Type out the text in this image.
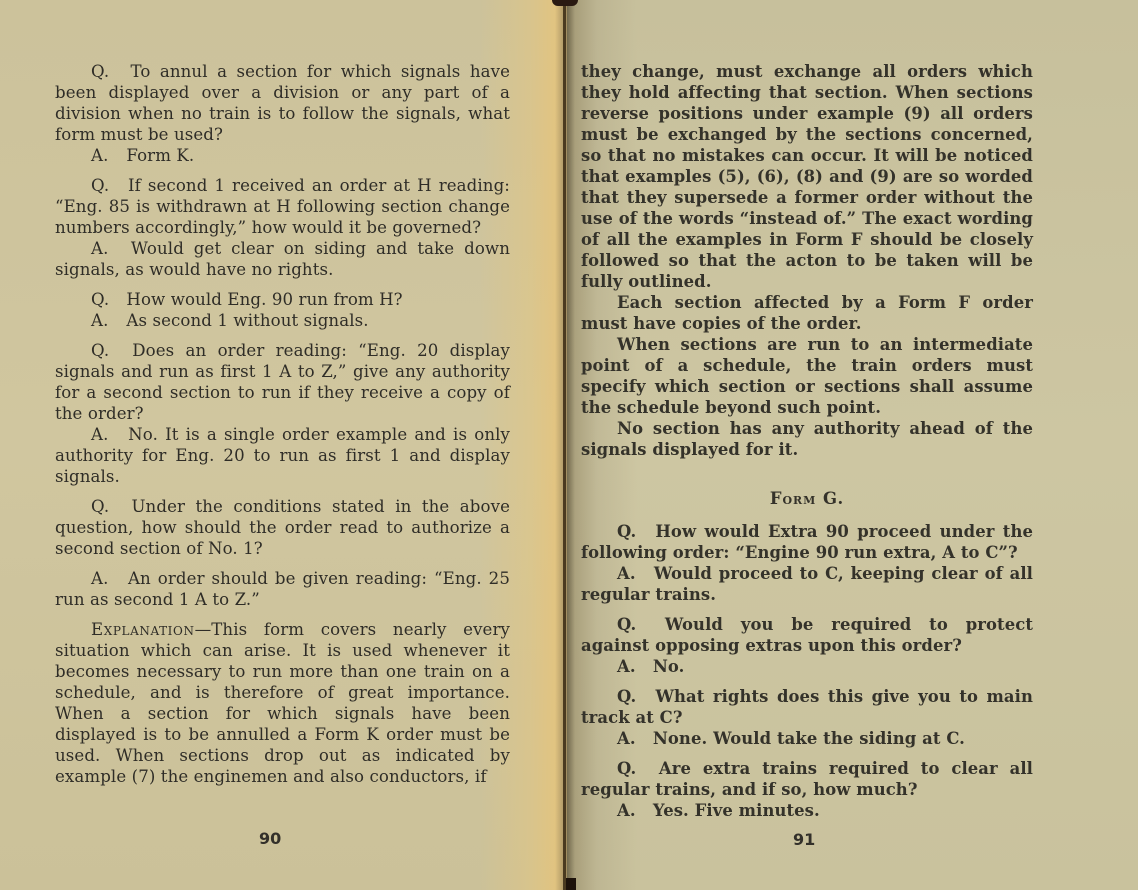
Q. To annul a section for which signals have been displayed over a division or any part of a division when no train is to follow the signals, what form must be used?

A. Form K.

Q. If second 1 received an order at H reading: “Eng. 85 is withdrawn at H following section change numbers accordingly,” how would it be governed?

A. Would get clear on siding and take down signals, as would have no rights.

Q. How would Eng. 90 run from H?

A. As second 1 without signals.

Q. Does an order reading: “Eng. 20 display signals and run as first 1 A to Z,” give any authority for a second section to run if they receive a copy of the order?

A. No. It is a single order example and is only authority for Eng. 20 to run as first 1 and display signals.

Q. Under the conditions stated in the above question, how should the order read to authorize a second section of No. 1?

A. An order should be given reading: “Eng. 25 run as second 1 A to Z.”

Explanation—This form covers nearly every situation which can arise. It is used whenever it becomes necessary to run more than one train on a schedule, and is therefore of great importance. When a section for which signals have been displayed is to be annulled a Form K order must be used. When sections drop out as indicated by example (7) the enginemen and also conductors, if

90

they change, must exchange all orders which they hold affecting that section. When sections reverse positions under example (9) all orders must be exchanged by the sections concerned, so that no mistakes can occur. It will be noticed that examples (5), (6), (8) and (9) are so worded that they supersede a former order without the use of the words “instead of.” The exact wording of all the examples in Form F should be closely followed so that the acton to be taken will be fully outlined.

Each section affected by a Form F order must have copies of the order.

When sections are run to an intermediate point of a schedule, the train orders must specify which section or sections shall assume the schedule beyond such point.

No section has any authority ahead of the signals displayed for it.

Form G.

Q. How would Extra 90 proceed under the following order: “Engine 90 run extra, A to C”?

A. Would proceed to C, keeping clear of all regular trains.

Q. Would you be required to protect against opposing extras upon this order?

A. No.

Q. What rights does this give you to main track at C?

A. None. Would take the siding at C.

Q. Are extra trains required to clear all regular trains, and if so, how much?

A. Yes. Five minutes.

91
